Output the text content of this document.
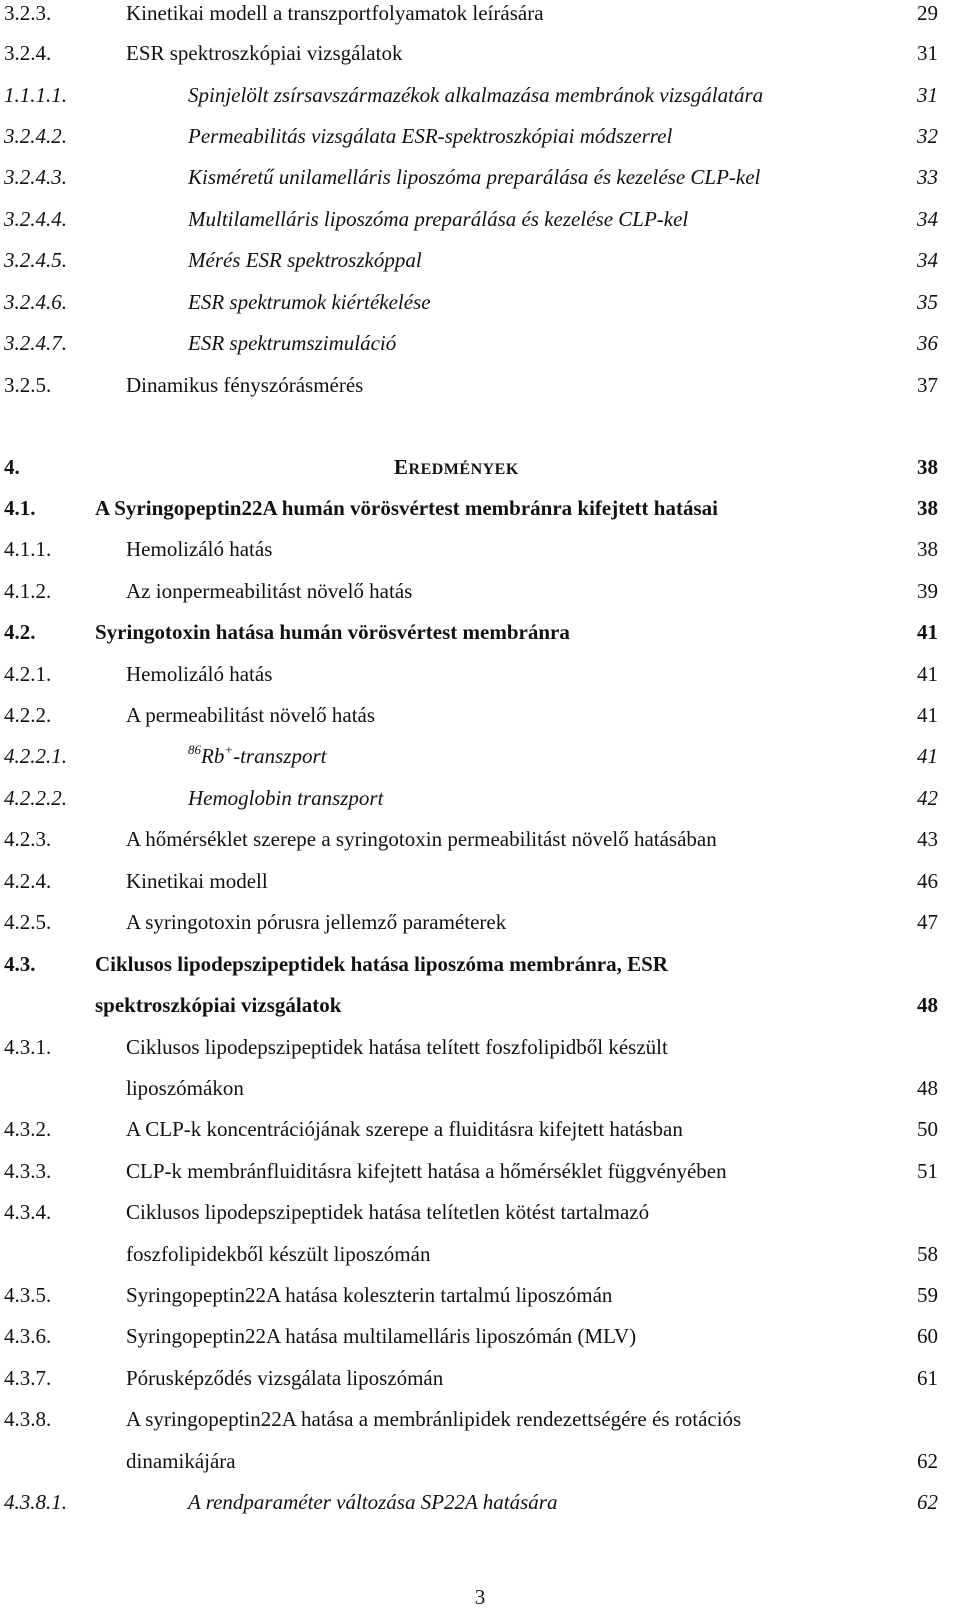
3.2.3.	Kinetikai modell a transzportfolyamatok leírására	29
3.2.4.	ESR spektroszkópiai vizsgálatok	31
1.1.1.1.	Spinjelölt zsírsavszármazékok alkalmazása membránok vizsgálatára	31
3.2.4.2.	Permeabilitás vizsgálata ESR-spektroszkópiai módszerrel	32
3.2.4.3.	Kisméretű unilamelláris liposzóma preparálása és kezelése CLP-kel	33
3.2.4.4.	Multilamelláris liposzóma preparálása és kezelése CLP-kel	34
3.2.4.5.	Mérés ESR spektroszkóppal	34
3.2.4.6.	ESR spektrumok kiértékelése	35
3.2.4.7.	ESR spektrumszimuláció	36
3.2.5.	Dinamikus fényszórásmérés	37
4.	EREDMÉNYEK	38
4.1.	A Syringopeptin22A humán vörösvértest membránra kifejtett hatásai	38
4.1.1.	Hemolizáló hatás	38
4.1.2.	Az ionpermeabilitást növelő hatás	39
4.2.	Syringotoxin hatása humán vörösvértest membránra	41
4.2.1.	Hemolizáló hatás	41
4.2.2.	A permeabilitást növelő hatás	41
4.2.2.1.	$^{86}$Rb+-transzport	41
4.2.2.2.	Hemoglobin transzport	42
4.2.3.	A hőmérséklet szerepe a syringotoxin permeabilitást növelő hatásában	43
4.2.4.	Kinetikai modell	46
4.2.5.	A syringotoxin pórusra jellemző paraméterek	47
4.3.	Ciklusos lipodepszipeptidek hatása liposzóma membránra, ESR
spektroszkópiai vizsgálatok	48
4.3.1.	Ciklusos lipodepszipeptidek hatása telített foszfolipidből készült
liposzómákon	48
4.3.2.	A CLP-k koncentrációjának szerepe a fluiditásra kifejtett hatásban	50
4.3.3.	CLP-k membránfluiditásra kifejtett hatása a hőmérséklet függvényében	51
4.3.4.	Ciklusos lipodepszipeptidek hatása telítetlen kötést tartalmazó
foszfolipidekből készült liposzómán	58
4.3.5.	Syringopeptin22A hatása koleszterin tartalmú liposzómán	59
4.3.6.	Syringopeptin22A hatása multilamelláris liposzómán (MLV)	60
4.3.7.	Pórusképződés vizsgálata liposzómán	61
4.3.8.	A syringopeptin22A hatása a membránlipidek rendezettségére és rotációs
dinamikájára	62
4.3.8.1.	A rendparaméter változása SP22A hatására	62
3
